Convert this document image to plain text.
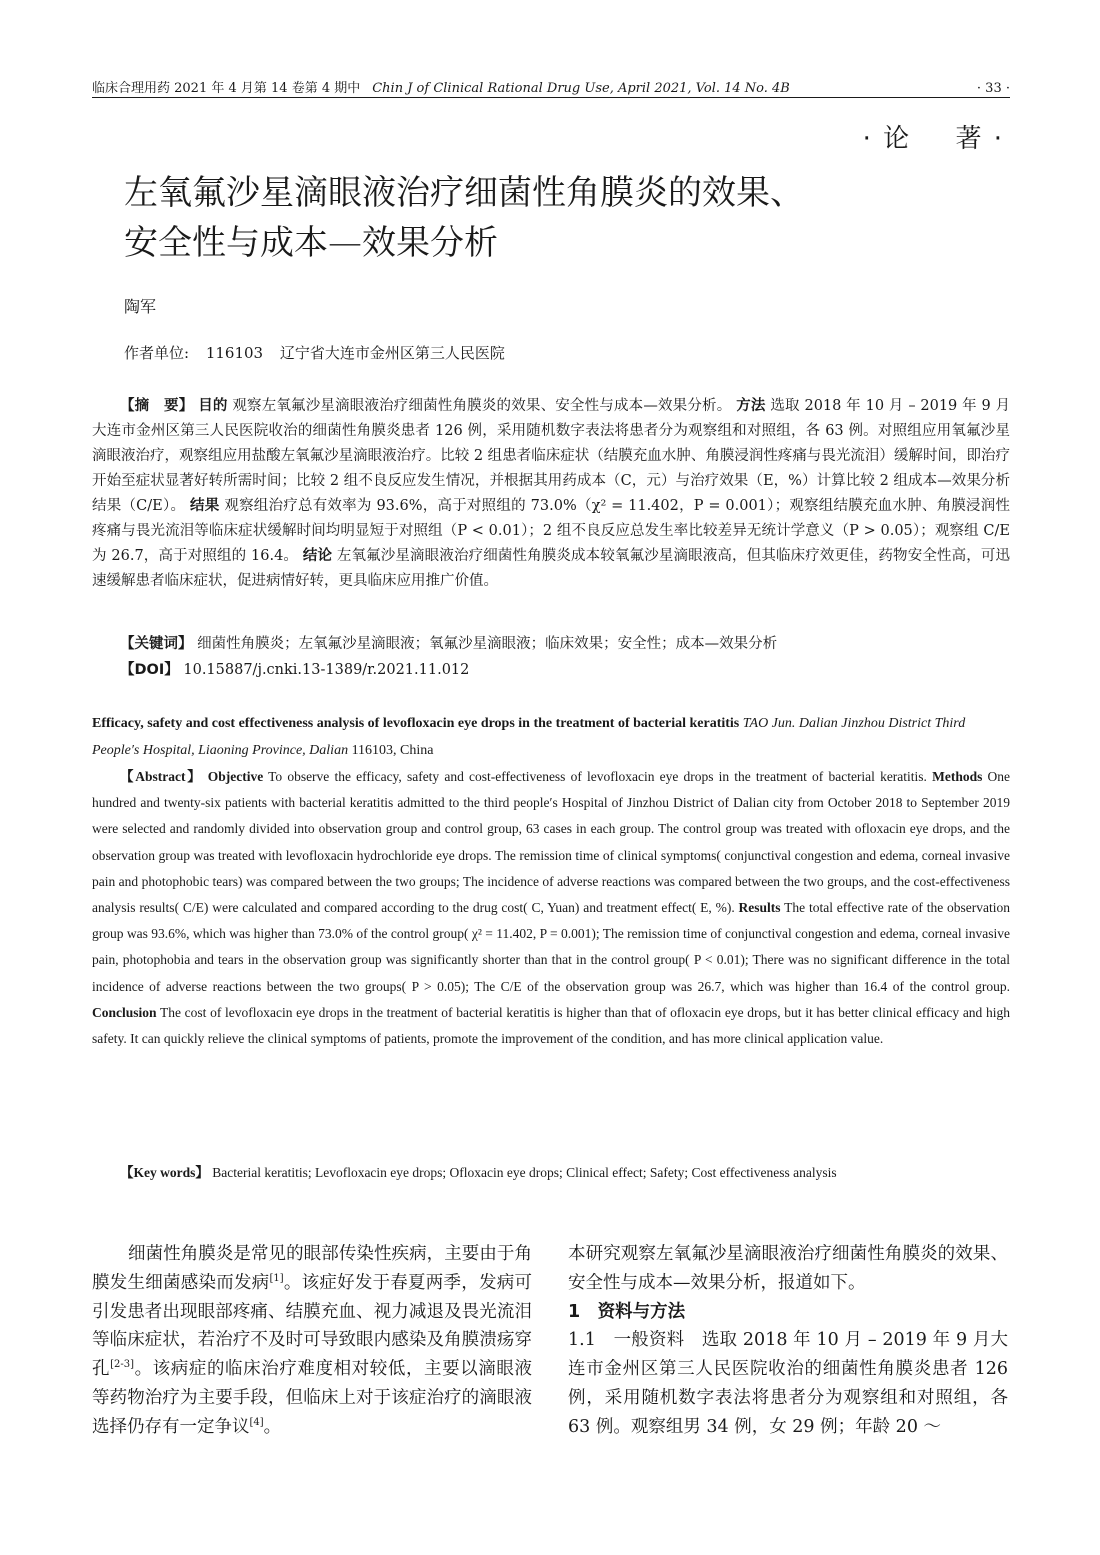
临床合理用药 2021 年 4 月第 14 卷第 4 期中 Chin J of Clinical Rational Drug Use, April 2021, Vol. 14 No. 4B	· 33 ·
· 论 著 ·
左氧氟沙星滴眼液治疗细菌性角膜炎的效果、
安全性与成本—效果分析
陶军
作者单位: 116103 辽宁省大连市金州区第三人民医院
【摘　要】 目的 观察左氧氟沙星滴眼液治疗细菌性角膜炎的效果、安全性与成本—效果分析。 方法 选取 2018 年 10 月 – 2019 年 9 月大连市金州区第三人民医院收治的细菌性角膜炎患者 126 例，采用随机数字表法将患者分为观察组和对照组，各 63 例。对照组应用氧氟沙星滴眼液治疗，观察组应用盐酸左氧氟沙星滴眼液治疗。比较 2 组患者临床症状（结膜充血水肿、角膜浸润性疼痛与畏光流泪）缓解时间，即治疗开始至症状显著好转所需时间；比较 2 组不良反应发生情况，并根据其用药成本（C，元）与治疗效果（E，%）计算比较 2 组成本—效果分析结果（C/E）。 结果 观察组治疗总有效率为 93.6%，高于对照组的 73.0%（χ² = 11.402，P = 0.001）；观察组结膜充血水肿、角膜浸润性疼痛与畏光流泪等临床症状缓解时间均明显短于对照组（P < 0.01）；2 组不良反应总发生率比较差异无统计学意义（P > 0.05）；观察组 C/E 为 26.7，高于对照组的 16.4。 结论 左氧氟沙星滴眼液治疗细菌性角膜炎成本较氧氟沙星滴眼液高，但其临床疗效更佳，药物安全性高，可迅速缓解患者临床症状，促进病情好转，更具临床应用推广价值。
【关键词】 细菌性角膜炎；左氧氟沙星滴眼液；氧氟沙星滴眼液；临床效果；安全性；成本—效果分析
【DOI】 10.15887/j.cnki.13-1389/r.2021.11.012
Efficacy, safety and cost effectiveness analysis of levofloxacin eye drops in the treatment of bacterial keratitis TAO Jun. Dalian Jinzhou District Third People′s Hospital, Liaoning Province, Dalian 116103, China
【Abstract】 Objective To observe the efficacy, safety and cost-effectiveness of levofloxacin eye drops in the treatment of bacterial keratitis. Methods One hundred and twenty-six patients with bacterial keratitis admitted to the third people′s Hospital of Jinzhou District of Dalian city from October 2018 to September 2019 were selected and randomly divided into observation group and control group, 63 cases in each group. The control group was treated with ofloxacin eye drops, and the observation group was treated with levofloxacin hydrochloride eye drops. The remission time of clinical symptoms( conjunctival congestion and edema, corneal invasive pain and photophobic tears) was compared between the two groups; The incidence of adverse reactions was compared between the two groups, and the cost-effectiveness analysis results( C/E) were calculated and compared according to the drug cost( C, Yuan) and treatment effect( E, %). Results The total effective rate of the observation group was 93.6%, which was higher than 73.0% of the control group( χ² = 11.402, P = 0.001); The remission time of conjunctival congestion and edema, corneal invasive pain, photophobia and tears in the observation group was significantly shorter than that in the control group( P < 0.01); There was no significant difference in the total incidence of adverse reactions between the two groups( P > 0.05); The C/E of the observation group was 26.7, which was higher than 16.4 of the control group. Conclusion The cost of levofloxacin eye drops in the treatment of bacterial keratitis is higher than that of ofloxacin eye drops, but it has better clinical efficacy and high safety. It can quickly relieve the clinical symptoms of patients, promote the improvement of the condition, and has more clinical application value.
【Key words】 Bacterial keratitis; Levofloxacin eye drops; Ofloxacin eye drops; Clinical effect; Safety; Cost effectiveness analysis
细菌性角膜炎是常见的眼部传染性疾病，主要由于角膜发生细菌感染而发病[1]。该症好发于春夏两季，发病可引发患者出现眼部疼痛、结膜充血、视力减退及畏光流泪等临床症状，若治疗不及时可导致眼内感染及角膜溃疡穿孔[2-3]。该病症的临床治疗难度相对较低，主要以滴眼液等药物治疗为主要手段，但临床上对于该症治疗的滴眼液选择仍存有一定争议[4]。

本研究观察左氧氟沙星滴眼液治疗细菌性角膜炎的效果、安全性与成本—效果分析，报道如下。

1　资料与方法

1.1　一般资料　 选取 2018 年 10 月 – 2019 年 9 月大连市金州区第三人民医院收治的细菌性角膜炎患者 126 例，采用随机数字表法将患者分为观察组和对照组，各 63 例。观察组男 34 例，女 29 例；年龄 20 ～
